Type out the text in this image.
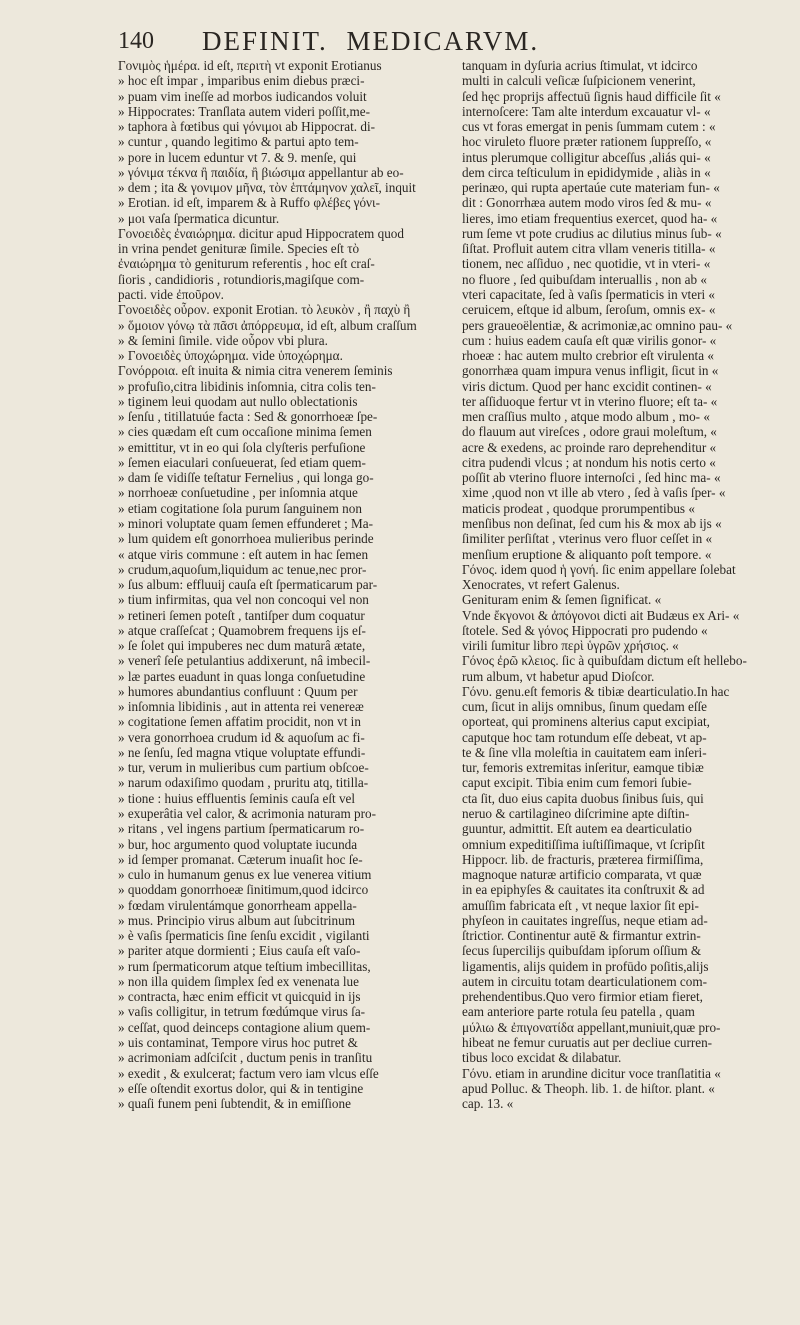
140 DEFINIT. MEDICARVM.
Γονιμὸς ἡμέρα. id eſt, περιτὴ vt exponit Erotianus
» hoc eſt impar , imparibus enim diebus præci-
» puam vim ineſſe ad morbos iudicandos voluit
» Hippocrates: Tranſlata autem videri poſſit,me-
» taphora à fœtibus qui γόνιμοι ab Hippocrat. di-
» cuntur , quando legitimo & partui apto tem-
» pore in lucem eduntur vt 7. & 9. menſe, qui
» γόνιμα τέκνα ἢ παιδία, ἢ βιώσιμα appellantur ab eo-
» dem ; ita & γονιμον μῆνα, τὸν ἑπτάμηνον χαλεῖ, inquit
» Erotian. id eſt, imparem & à Ruffo φλέβες γόνι-
» μοι vaſa ſpermatica dicuntur.
Γονοειδὲς ἐναιώρημα. dicitur apud Hippocratem quod
in vrina pendet genituræ ſimile. Species eſt τὸ
ἐναιώρημα τὸ geniturum referentis , hoc eſt craſ-
ſioris , candidioris , rotundioris,magiſque com-
pacti. vide ἐποῦρον.
Γονοειδὲς οὖρον. exponit Erotian. τὸ λευκὸν , ἢ παχὺ ἢ
» ὅμοιον γόνῳ τὰ πᾶσι ἀπόρρευμα, id eſt, album craſſum
» & ſemini ſimile. vide οὖρον vbi plura.
» Γονοειδὲς ὑποχώρημα. vide ὑποχώρημα.
Γονόρροια. eſt inuita & nimia citra venerem ſeminis
» profuſio,citra libidinis inſomnia, citra colis ten-
» tiginem leui quodam aut nullo oblectationis
» ſenſu , titillatuúe facta : Sed & gonorrhoeæ ſpe-
» cies quædam eſt cum occaſione minima ſemen
» emittitur, vt in eo qui ſola clyſteris perfuſione
» ſemen eiaculari conſueuerat, ſed etiam quem-
» dam ſe vidiſſe teſtatur Fernelius , qui longa go-
» norrhoeæ conſuetudine , per inſomnia atque
» etiam cogitatione ſola purum ſanguinem non
» minori voluptate quam ſemen effunderet ; Ma-
» lum quidem eſt gonorrhoea mulieribus perinde
« atque viris commune : eſt autem in hac ſemen
» crudum,aquoſum,liquidum ac tenue,nec pror-
» ſus album: effluuij cauſa eſt ſpermaticarum par-
» tium infirmitas, qua vel non concoqui vel non
» retineri ſemen poteſt , tantiſper dum coquatur
» atque craſſeſcat ; Quamobrem frequens ijs eſ-
» ſe ſolet qui impuberes nec dum maturâ ætate,
» venerî ſeſe petulantius addixerunt, nâ imbecil-
» læ partes euadunt in quas longa conſuetudine
» humores abundantius confluunt : Quum per
» inſomnia libidinis , aut in attenta rei venereæ
» cogitatione ſemen affatim procidit, non vt in
» vera gonorrhoea crudum id & aquoſum ac fi-
» ne ſenſu, ſed magna vtique voluptate effundi-
» tur, verum in mulieribus cum partium obſcoe-
» narum odaxiſimo quodam , pruritu atq, titilla-
» tione : huius effluentis ſeminis cauſa eſt vel
» exuperâtia vel calor, & acrimonia naturam pro-
» ritans , vel ingens partium ſpermaticarum ro-
» bur, hoc argumento quod voluptate iucunda
» id ſemper promanat. Cæterum inuaſit hoc ſe-
» culo in humanum genus ex lue venerea vitium
» quoddam gonorrhoeæ ſinitimum,quod idcirco
» fœdam virulentámque gonorrheam appella-
» mus. Principio virus album aut ſubcitrinum
» è vaſis ſpermaticis ſine ſenſu excidit , vigilanti
» pariter atque dormienti ; Eius cauſa eſt vaſo-
» rum ſpermaticorum atque teſtium imbecillitas,
» non illa quidem ſimplex ſed ex venenata lue
» contracta, hæc enim efficit vt quicquid in ijs
» vaſis colligitur, in tetrum fœdúmque virus ſa-
» ceſſat, quod deinceps contagione alium quem-
» uis contaminat, Tempore virus hoc putret &
» acrimoniam adſciſcit , ductum penis in tranſitu
» exedit , & exulcerat; factum vero iam vlcus eſſe
» eſſe oſtendit exortus dolor, qui & in tentigine
» quaſi funem peni ſubtendit, & in emiſſione
tanquam in dyſuria acrius ſtimulat, vt idcirco
multi in calculi veſicæ ſuſpicionem venerint,
ſed hęc proprijs affectuū ſignis haud difficile ſit «
internoſcere: Tam alte interdum excauatur vl- «
cus vt foras emergat in penis ſummam cutem : «
hoc viruleto fluore præter rationem ſuppreſſo, «
intus plerumque colligitur abceſſus ,aliás qui- «
dem circa teſticulum in epididymide , aliàs in «
perinæo, qui rupta apertaúe cute materiam fun- «
dit : Gonorrhæa autem modo viros ſed & mu- «
lieres, imo etiam frequentius exercet, quod ha- «
rum ſeme vt pote crudius ac dilutius minus ſub- «
ſiſtat. Profluit autem citra vllam veneris titilla- «
tionem, nec aſſiduo , nec quotidie, vt in vteri- «
no fluore , ſed quibuſdam interuallis , non ab «
vteri capacitate, ſed à vaſis ſpermaticis in vteri «
ceruicem, eſtque id album, ſeroſum, omnis ex- «
pers graueoëlentiæ, & acrimoniæ,ac omnino pau- «
cum : huius eadem cauſa eſt quæ virilis gonor- «
rhoeæ : hac autem multo crebrior eſt virulenta «
gonorrhæa quam impura venus infligit, ſicut in «
viris dictum. Quod per hanc excidit continen- «
ter aſſiduoque fertur vt in vterino fluore; eſt ta- «
men craſſius multo , atque modo album , mo- «
do flauum aut vireſces , odore graui moleſtum, «
acre & exedens, ac proinde raro deprehenditur «
citra pudendi vlcus ; at nondum his notis certo «
poſſit ab vterino fluore internoſci , ſed hinc ma- «
xime ,quod non vt ille ab vtero , ſed à vaſis ſper- «
maticis prodeat , quodque prorumpentibus «
menſibus non deſinat, ſed cum his & mox ab ijs «
ſimiliter perſiſtat , vterinus vero fluor ceſſet in «
menſium eruptione & aliquanto poſt tempore. «
Γόνος. idem quod ἡ γονή. ſic enim appellare ſolebat
Xenocrates, vt refert Galenus.
Genituram enim & ſemen ſignificat. «
Vnde ἔκγονοι & ἀπόγονοι dicti ait Budæus ex Ari- «
ſtotele. Sed & γόνος Hippocrati pro pudendo «
virili ſumitur libro περὶ ὑγρῶν χρήσιος. «
Γόνος ἐρῶ κλειος. ſic à quibuſdam dictum eſt hellebo-
rum album, vt habetur apud Dioſcor.
Γόνυ. genu.eſt femoris & tibiæ dearticulatio.In hac
cum, ſicut in alijs omnibus, ſinum quedam eſſe
oporteat, qui prominens alterius caput excipiat,
caputque hoc tam rotundum eſſe debeat, vt ap-
te & ſine vlla moleſtia in cauitatem eam inſeri-
tur, femoris extremitas inſeritur, eamque tibiæ
caput excipit. Tibia enim cum femori ſubie-
cta ſit, duo eius capita duobus ſinibus ſuis, qui
neruo & cartilagineo diſcrimine apte diſtin-
guuntur, admittit. Eſt autem ea dearticulatio
omnium expeditiſſima iuſtiſſimaque, vt ſcripſit
Hippocr. lib. de fracturis, præterea firmiſſima,
magnoque naturæ artificio comparata, vt quæ
in ea epiphyſes & cauitates ita conſtruxit & ad
amuſſim fabricata eſt , vt neque laxior ſit epi-
phyſeon in cauitates ingreſſus, neque etiam ad-
ſtrictior. Continentur autē & firmantur extrin-
ſecus ſupercilijs quibuſdam ipſorum oſſium &
ligamentis, alijs quidem in profūdo poſitis,alijs
autem in circuitu totam dearticulationem com-
prehendentibus.Quo vero firmior etiam fieret,
eam anteriore parte rotula ſeu patella , quam
μύλιω & ἐπιγονατίδα appellant,muniuit,quæ pro-
hibeat ne femur curuatis aut per decliue curren-
tibus loco excidat & dilabatur.
Γόνυ. etiam in arundine dicitur voce tranſlatitia «
apud Polluc. & Theoph. lib. 1. de hiſtor. plant. «
cap. 13. «
